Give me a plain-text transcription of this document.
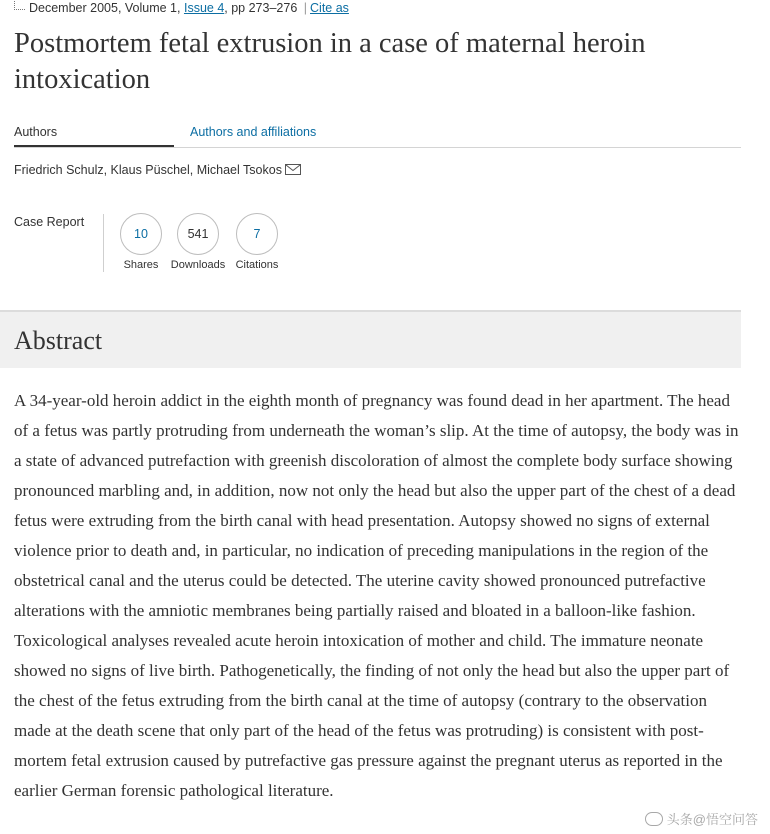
December 2005, Volume 1, Issue 4, pp 273–276 | Cite as
Postmortem fetal extrusion in a case of maternal heroin intoxication
Authors	Authors and affiliations
Friedrich Schulz, Klaus Püschel, Michael Tsokos
Case Report
10
Shares
541
Downloads
7
Citations
Abstract

A 34-year-old heroin addict in the eighth month of pregnancy was found dead in her apartment. The head of a fetus was partly protruding from underneath the woman’s slip. At the time of autopsy, the body was in a state of advanced putrefaction with greenish discoloration of almost the complete body surface showing pronounced marbling and, in addition, now not only the head but also the upper part of the chest of a dead fetus were extruding from the birth canal with head presentation. Autopsy showed no signs of external violence prior to death and, in particular, no indication of preceding manipulations in the region of the obstetrical canal and the uterus could be detected. The uterine cavity showed pronounced putrefactive alterations with the amniotic membranes being partially raised and bloated in a balloon-like fashion. Toxicological analyses revealed acute heroin intoxication of mother and child. The immature neonate showed no signs of live birth. Pathogenetically, the finding of not only the head but also the upper part of the chest of the fetus extruding from the birth canal at the time of autopsy (contrary to the observation made at the death scene that only part of the head of the fetus was protruding) is consistent with post-mortem fetal extrusion caused by putrefactive gas pressure against the pregnant uterus as reported in the earlier German forensic pathological literature.

头条@悟空问答
